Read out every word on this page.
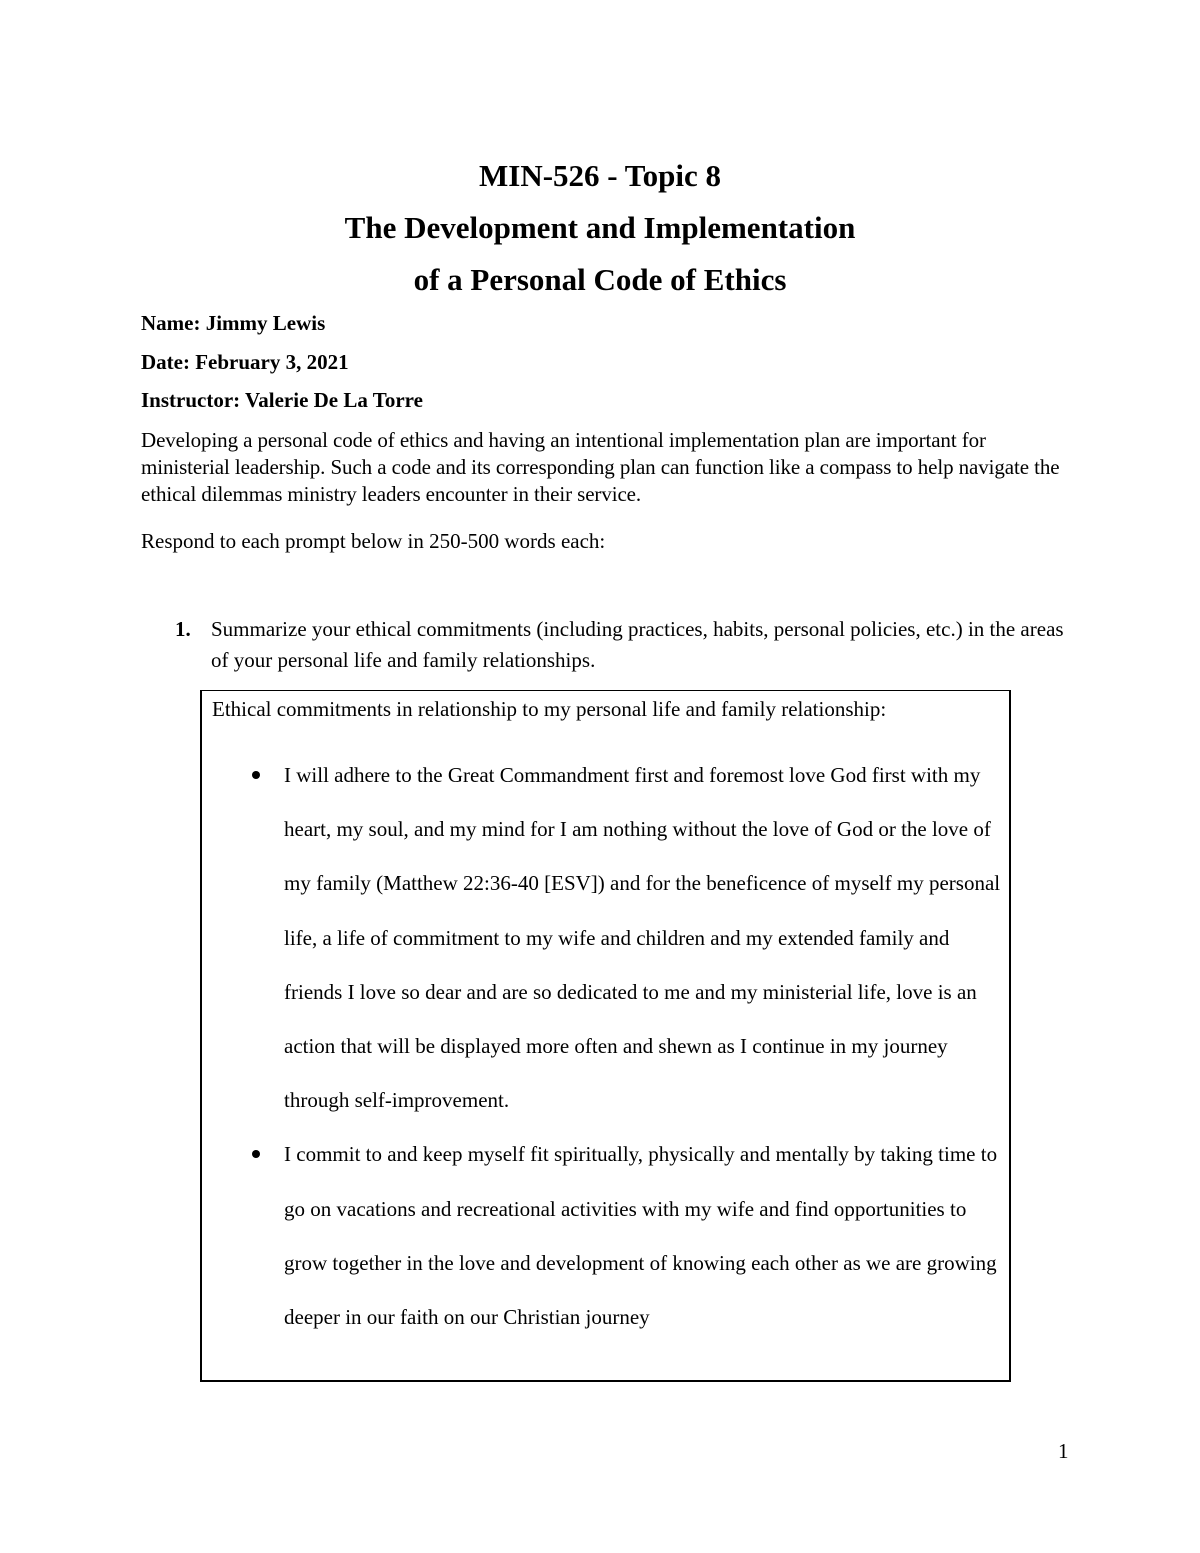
MIN-526 - Topic 8
The Development and Implementation
of a Personal Code of Ethics
Name: Jimmy Lewis
Date: February 3, 2021
Instructor: Valerie De La Torre
Developing a personal code of ethics and having an intentional implementation plan are important for ministerial leadership. Such a code and its corresponding plan can function like a compass to help navigate the ethical dilemmas ministry leaders encounter in their service.
Respond to each prompt below in 250-500 words each:
1. Summarize your ethical commitments (including practices, habits, personal policies, etc.) in the areas of your personal life and family relationships.
Ethical commitments in relationship to my personal life and family relationship:
I will adhere to the Great Commandment first and foremost love God first with my heart, my soul, and my mind for I am nothing without the love of God or the love of my family (Matthew 22:36-40 [ESV]) and for the beneficence of myself my personal life, a life of commitment to my wife and children and my extended family and friends I love so dear and are so dedicated to me and my ministerial life, love is an action that will be displayed more often and shewn as I continue in my journey through self-improvement.
I commit to and keep myself fit spiritually, physically and mentally by taking time to go on vacations and recreational activities with my wife and find opportunities to grow together in the love and development of knowing each other as we are growing deeper in our faith on our Christian journey
1
